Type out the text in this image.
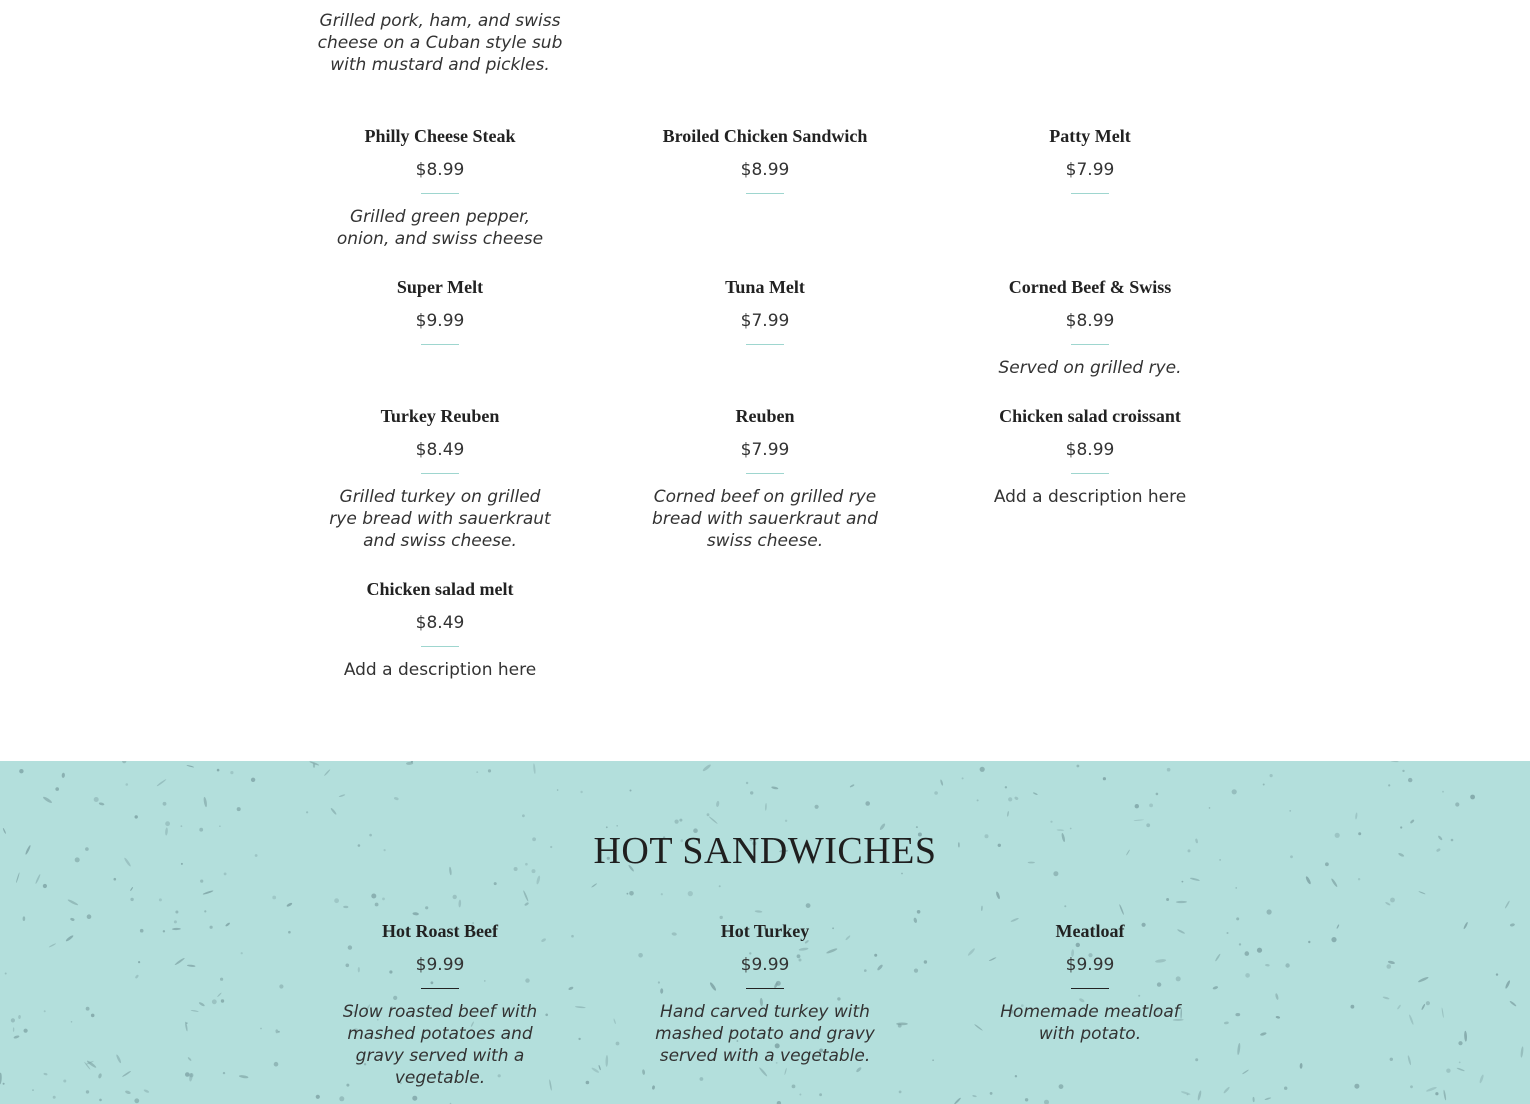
Grilled pork, ham, and swiss cheese on a Cuban style sub with mustard and pickles.
Philly Cheese Steak
$8.99
Grilled green pepper, onion, and swiss cheese
Broiled Chicken Sandwich
$8.99
Patty Melt
$7.99
Super Melt
$9.99
Tuna Melt
$7.99
Corned Beef & Swiss
$8.99
Served on grilled rye.
Turkey Reuben
$8.49
Grilled turkey on grilled rye bread with sauerkraut and swiss cheese.
Reuben
$7.99
Corned beef on grilled rye bread with sauerkraut and swiss cheese.
Chicken salad croissant
$8.99
Add a description here
Chicken salad melt
$8.49
Add a description here
HOT SANDWICHES
Hot Roast Beef
$9.99
Slow roasted beef with mashed potatoes and gravy served with a vegetable.
Hot Turkey
$9.99
Hand carved turkey with mashed potato and gravy served with a vegetable.
Meatloaf
$9.99
Homemade meatloaf with potato.
